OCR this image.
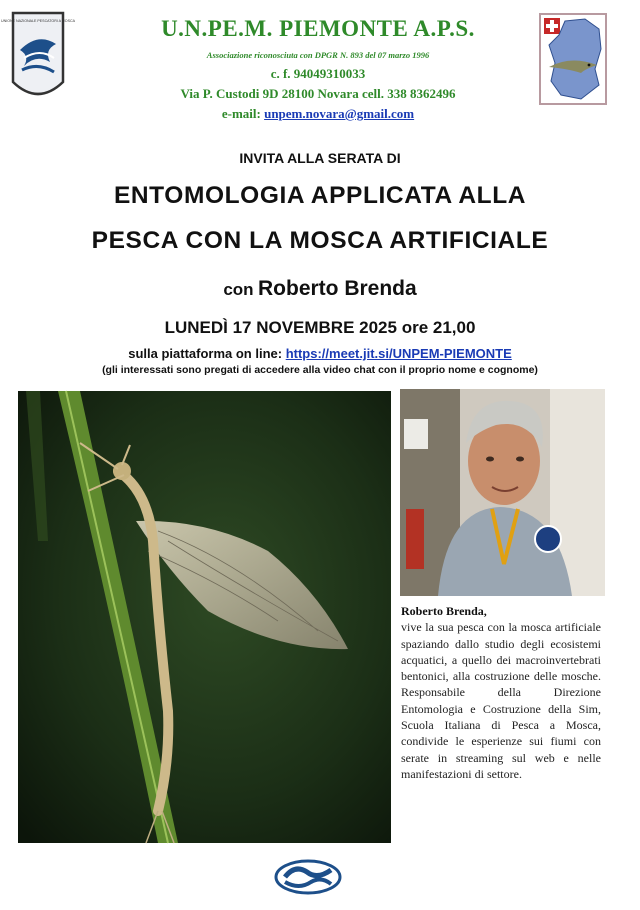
UNIONE NAZIONALE PESCATORI A MOSCA	U.N.PE.M. PIEMONTE A.P.S.
Associazione riconosciuta con DPGR N. 893 del 07 marzo 1996
c. f. 94049310033
Via P. Custodi 9D 28100 Novara cell. 338 8362496
e-mail: unpem.novara@gmail.com
INVITA ALLA SERATA DI
ENTOMOLOGIA APPLICATA ALLA
PESCA CON LA MOSCA ARTIFICIALE
con Roberto Brenda
LUNEDÌ 17 NOVEMBRE 2025 ore 21,00
sulla piattaforma on line: https://meet.jit.si/UNPEM-PIEMONTE
(gli interessati sono pregati di accedere alla video chat con il proprio nome e cognome)
Roberto Brenda,
vive la sua pesca con la mosca artificiale spaziando dallo studio degli ecosistemi acquatici, a quello dei macroinvertebrati bentonici, alla costruzione delle mosche. Responsabile della Direzione Entomologia e Costruzione della Sim, Scuola Italiana di Pesca a Mosca, condivide le esperienze sui fiumi con serate in streaming sul web e nelle manifestazioni di settore.
